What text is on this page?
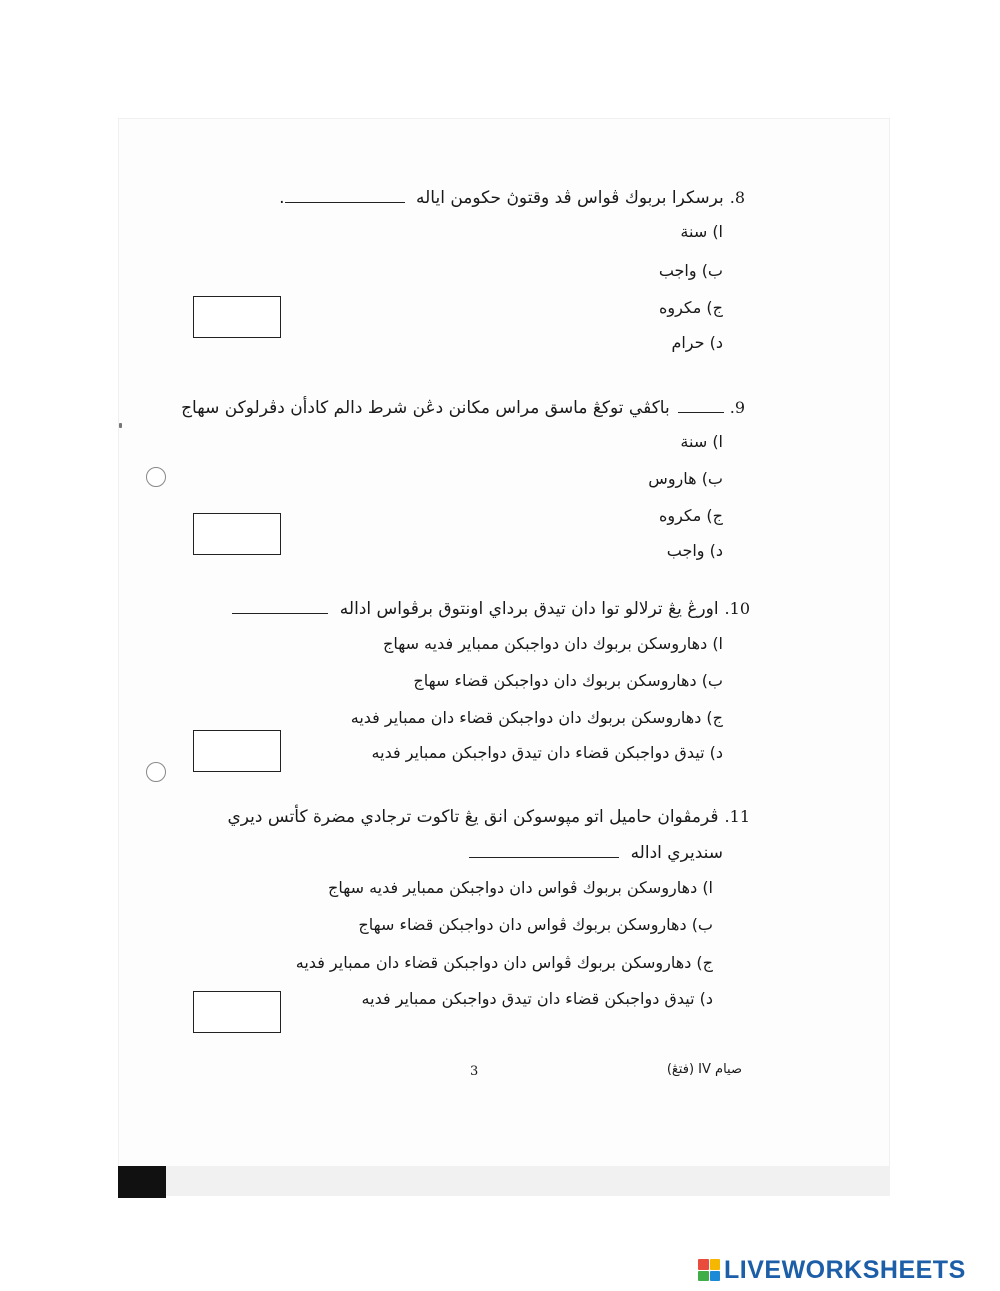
8.برسكرا بربوك ڤواس ڤد وقتوڽ حكومن اياله .
ا) سنة
ب) واجب
ج) مكروه
د) حرام
9.باکڤي توکڠ ماسق مراس مکانن دڠن شرط دالم کادأن دڤرلوکن سهاج
ا) سنة
ب) هاروس
ج) مكروه
د) واجب
10.اورڠ يڠ ترلالو توا دان تيدق برداي اونتوق برڤواس اداله
ا) دهاروسکن بربوك دان دواجبکن ممباير فديه سهاج
ب) دهاروسکن بربوك دان دواجبکن قضاء سهاج
ج) دهاروسکن بربوك دان دواجبکن قضاء دان ممباير فديه
د) تيدق دواجبکن قضاء دان تيدق دواجبکن ممباير فديه
11.ڤرمڤوان حاميل اتو مپوسوکن انق يڠ تاکوت ترجادي مضرة کأتس ديري
سنديري اداله
ا) دهاروسکن بربوك ڤواس دان دواجبکن ممباير فديه سهاج
ب) دهاروسکن بربوك ڤواس دان دواجبکن قضاء سهاج
ج) دهاروسکن بربوك ڤواس دان دواجبکن قضاء دان ممباير فديه
د) تيدق دواجبکن قضاء دان تيدق دواجبکن ممباير فديه
صيام IV (فتڠ)
3
LIVEWORKSHEETS
